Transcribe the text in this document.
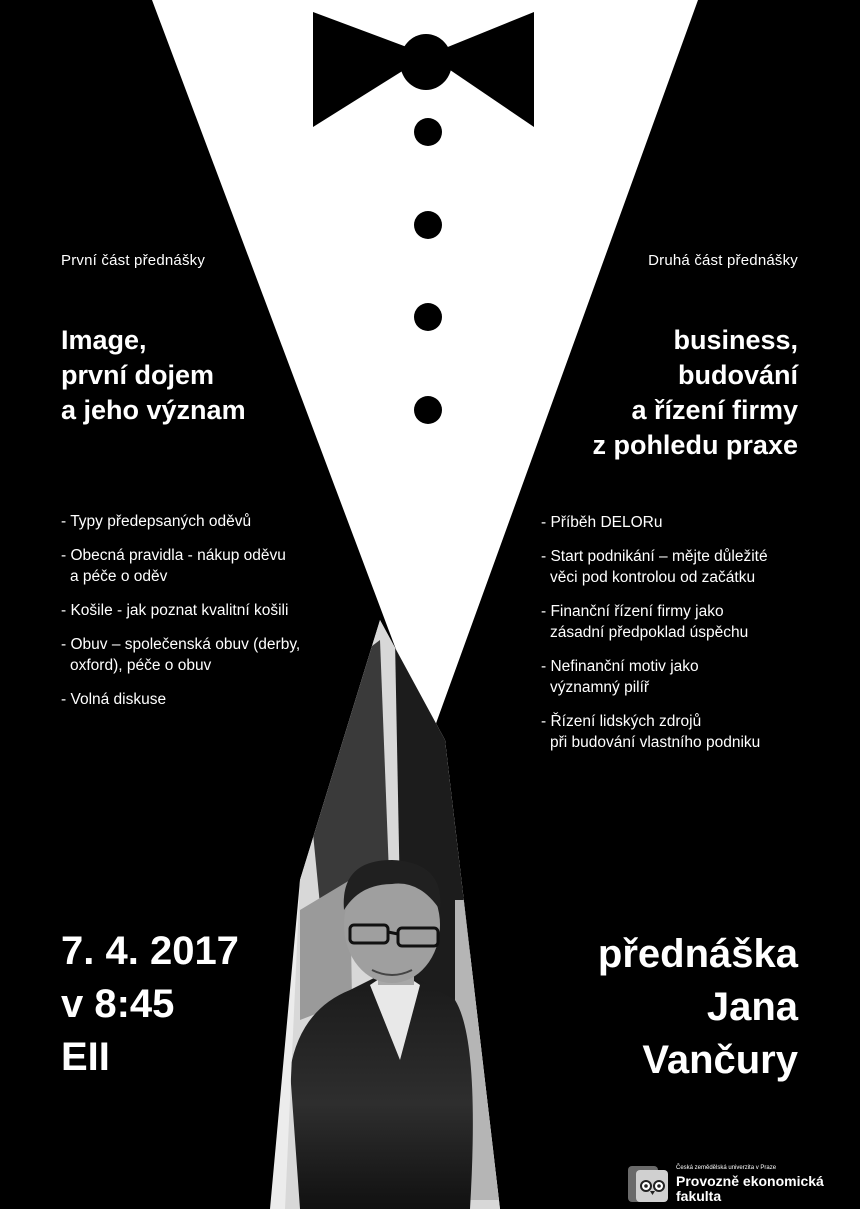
První část přednášky
Image,
první dojem
a jeho význam
- Typy předepsaných oděvů
- Obecná pravidla - nákup oděvu
a péče o oděv
- Košile - jak poznat kvalitní košili
- Obuv – společenská obuv (derby,
oxford), péče o obuv
- Volná diskuse
Druhá část přednášky
business,
budování
a řízení firmy
z pohledu praxe
- Příběh DELORu
- Start podnikání – mějte důležité
věci pod kontrolou od začátku
- Finanční řízení firmy jako
zásadní předpoklad úspěchu
- Nefinanční motiv jako
významný pilíř
- Řízení lidských zdrojů
při budování vlastního podniku
7. 4. 2017
v 8:45
EII
přednáška
Jana
Vančury
Česká zemědělská univerzita v Praze
Provozně ekonomická
fakulta
